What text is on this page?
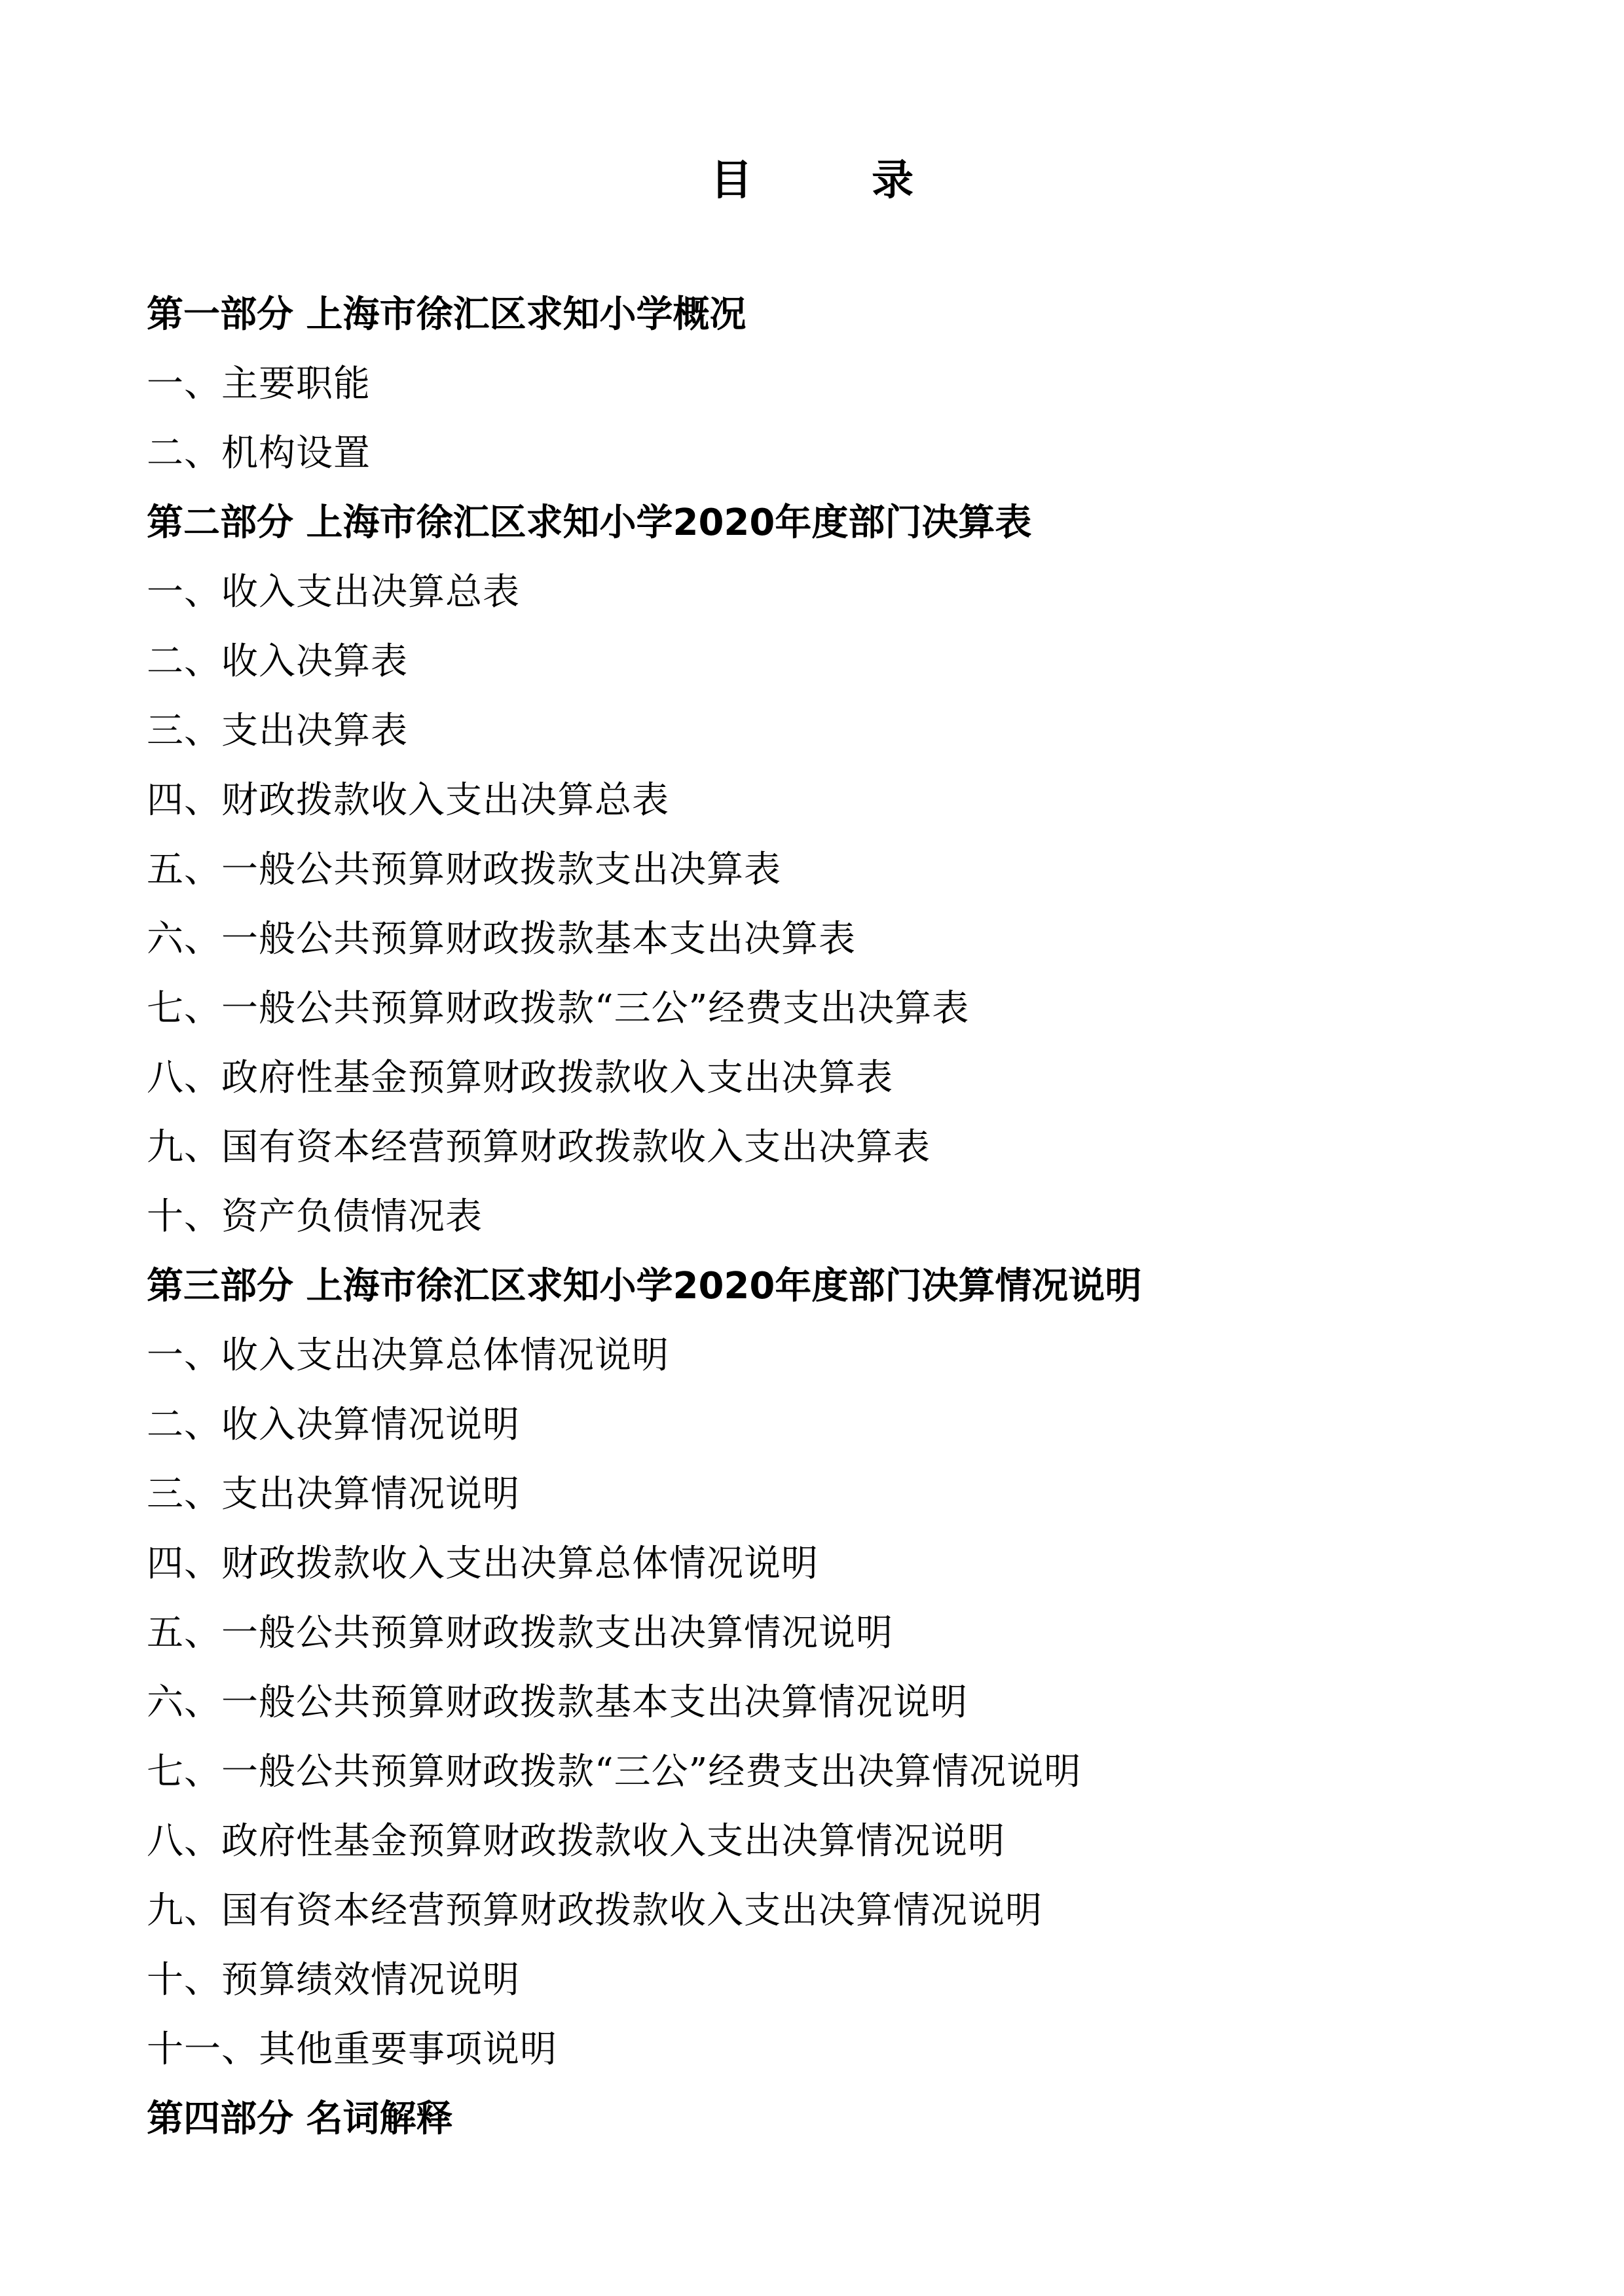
目 录
第一部分 上海市徐汇区求知小学概况
一、主要职能
二、机构设置
第二部分 上海市徐汇区求知小学2020年度部门决算表
一、收入支出决算总表
二、收入决算表
三、支出决算表
四、财政拨款收入支出决算总表
五、一般公共预算财政拨款支出决算表
六、一般公共预算财政拨款基本支出决算表
七、一般公共预算财政拨款“三公”经费支出决算表
八、政府性基金预算财政拨款收入支出决算表
九、国有资本经营预算财政拨款收入支出决算表
十、资产负债情况表
第三部分 上海市徐汇区求知小学2020年度部门决算情况说明
一、收入支出决算总体情况说明
二、收入决算情况说明
三、支出决算情况说明
四、财政拨款收入支出决算总体情况说明
五、一般公共预算财政拨款支出决算情况说明
六、一般公共预算财政拨款基本支出决算情况说明
七、一般公共预算财政拨款“三公”经费支出决算情况说明
八、政府性基金预算财政拨款收入支出决算情况说明
九、国有资本经营预算财政拨款收入支出决算情况说明
十、预算绩效情况说明
十一、其他重要事项说明
第四部分 名词解释
